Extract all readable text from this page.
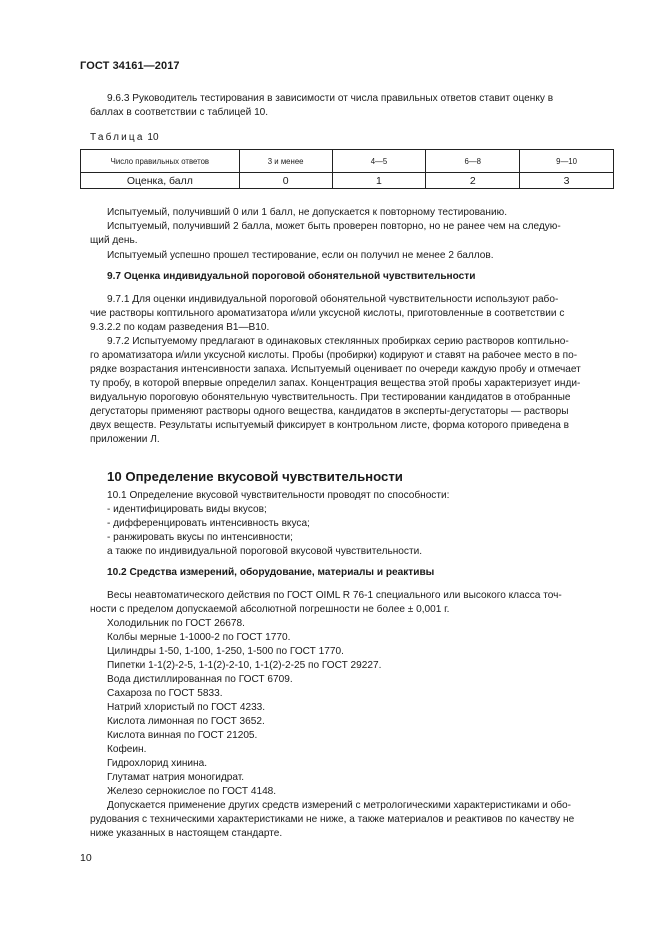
ГОСТ 34161—2017
9.6.3 Руководитель тестирования в зависимости от числа правильных ответов ставит оценку в
баллах в соответствии с таблицей 10.
Таблица 10
Число правильных ответов	3 и менее	4—5	6—8	9—10
Оценка, балл	0	1	2	3
Испытуемый, получивший 0 или 1 балл, не допускается к повторному тестированию.
Испытуемый, получивший 2 балла, может быть проверен повторно, но не ранее чем на следую-
щий день.
Испытуемый успешно прошел тестирование, если он получил не менее 2 баллов.
9.7 Оценка индивидуальной пороговой обонятельной чувствительности
9.7.1 Для оценки индивидуальной пороговой обонятельной чувствительности используют рабо-
чие растворы коптильного ароматизатора и/или уксусной кислоты, приготовленные в соответствии с
9.3.2.2 по кодам разведения В1—В10.
9.7.2 Испытуемому предлагают в одинаковых стеклянных пробирках серию растворов коптильно-
го ароматизатора и/или уксусной кислоты. Пробы (пробирки) кодируют и ставят на рабочее место в по-
рядке возрастания интенсивности запаха. Испытуемый оценивает по очереди каждую пробу и отмечает
ту пробу, в которой впервые определил запах. Концентрация вещества этой пробы характеризует инди-
видуальную пороговую обонятельную чувствительность. При тестировании кандидатов в отобранные
дегустаторы применяют растворы одного вещества, кандидатов в эксперты-дегустаторы — растворы
двух веществ. Результаты испытуемый фиксирует в контрольном листе, форма которого приведена в
приложении Л.
10 Определение вкусовой чувствительности
10.1 Определение вкусовой чувствительности проводят по способности:
- идентифицировать виды вкусов;
- дифференцировать интенсивность вкуса;
- ранжировать вкусы по интенсивности;
а также по индивидуальной пороговой вкусовой чувствительности.
10.2 Средства измерений, оборудование, материалы и реактивы
Весы неавтоматического действия по ГОСТ OIML R 76-1 специального или высокого класса точ-
ности с пределом допускаемой абсолютной погрешности не более ± 0,001 г.
Холодильник по ГОСТ 26678.
Колбы мерные 1-1000-2 по ГОСТ 1770.
Цилиндры 1-50, 1-100, 1-250, 1-500 по ГОСТ 1770.
Пипетки 1-1(2)-2-5, 1-1(2)-2-10, 1-1(2)-2-25 по ГОСТ 29227.
Вода дистиллированная по ГОСТ 6709.
Сахароза по ГОСТ 5833.
Натрий хлористый по ГОСТ 4233.
Кислота лимонная по ГОСТ 3652.
Кислота винная по ГОСТ 21205.
Кофеин.
Гидрохлорид хинина.
Глутамат натрия моногидрат.
Железо сернокислое по ГОСТ 4148.
Допускается применение других средств измерений с метрологическими характеристиками и обо-
рудования с техническими характеристиками не ниже, а также материалов и реактивов по качеству не
ниже указанных в настоящем стандарте.
10
